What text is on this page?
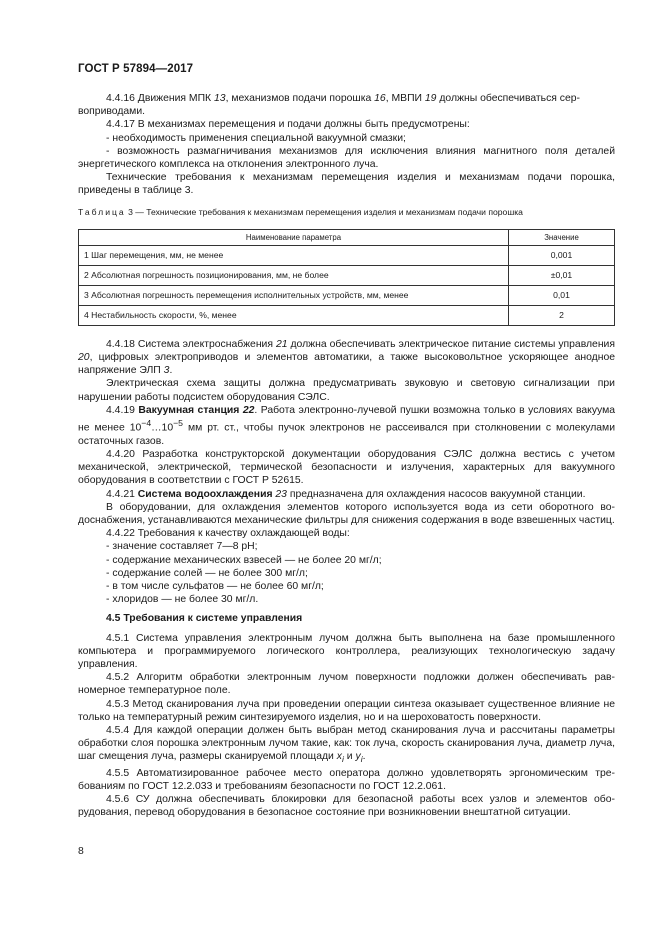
ГОСТ Р 57894—2017

4.4.16 Движения МПК 13, механизмов подачи порошка 16, МВПИ 19 должны обеспечиваться сер-

воприводами.

4.4.17 В механизмах перемещения и подачи должны быть предусмотрены:

- необходимость применения специальной вакуумной смазки;

- возможность размагничивания механизмов для исключения влияния магнитного поля деталей энергетического комплекса на отклонения электронного луча.

Технические требования к механизмам перемещения изделия и механизмам подачи порошка, приведены в таблице 3.

Таблица 3 — Технические требования к механизмам перемещения изделия и механизмам подачи порошка

Наименование параметра	Значение
1 Шаг перемещения, мм, не менее	0,001
2 Абсолютная погрешность позиционирования, мм, не более	±0,01
3 Абсолютная погрешность перемещения исполнительных устройств, мм, менее	0,01
4 Нестабильность скорости, %, менее	2

4.4.18 Система электроснабжения 21 должна обеспечивать электрическое питание системы управления 20, цифровых электроприводов и элементов автоматики, а также высоковольтное ускоряющее анодное напряжение ЭЛП 3.

Электрическая схема защиты должна предусматривать звуковую и световую сигнализации при нарушении работы подсистем оборудования СЭЛС.

4.4.19 Вакуумная станция 22. Работа электронно-лучевой пушки возможна только в условиях вакуума не менее $10^{-4}\dots 10^{-5}$ мм рт. ст., чтобы пучок электронов не рассеивался при столкновении с молекулами остаточных газов.

4.4.20 Разработка конструкторской документации оборудования СЭЛС должна вестись с учетом механической, электрической, термической безопасности и излучения, характерных для вакуумного оборудования в соответствии с ГОСТ Р 52615.

4.4.21 Система водоохлаждения 23 предназначена для охлаждения насосов вакуумной станции.

В оборудовании, для охлаждения элементов которого используется вода из сети оборотного водоснабжения, устанавливаются механические фильтры для снижения содержания в воде взвешенных частиц.

4.4.22 Требования к качеству охлаждающей воды:

- значение составляет 7—8 pH;

- содержание механических взвесей — не более 20 мг/л;

- содержание солей — не более 300 мг/л;

- в том числе сульфатов — не более 60 мг/л;

- хлоридов — не более 30 мг/л.

4.5 Требования к системе управления

4.5.1 Система управления электронным лучом должна быть выполнена на базе промышленного компьютера и программируемого логического контроллера, реализующих технологическую задачу управления.

4.5.2 Алгоритм обработки электронным лучом поверхности подложки должен обеспечивать равномерное температурное поле.

4.5.3 Метод сканирования луча при проведении операции синтеза оказывает существенное влияние не только на температурный режим синтезируемого изделия, но и на шероховатость поверхности.

4.5.4 Для каждой операции должен быть выбран метод сканирования луча и рассчитаны параметры обработки слоя порошка электронным лучом такие, как: ток луча, скорость сканирования луча, диаметр луча, шаг смещения луча, размеры сканируемой площади $x_i$ и $y_i$.

4.5.5 Автоматизированное рабочее место оператора должно удовлетворять эргономическим требованиям по ГОСТ 12.2.033 и требованиям безопасности по ГОСТ 12.2.061.

4.5.6 СУ должна обеспечивать блокировки для безопасной работы всех узлов и элементов оборудования, перевод оборудования в безопасное состояние при возникновении внештатной ситуации.

8
